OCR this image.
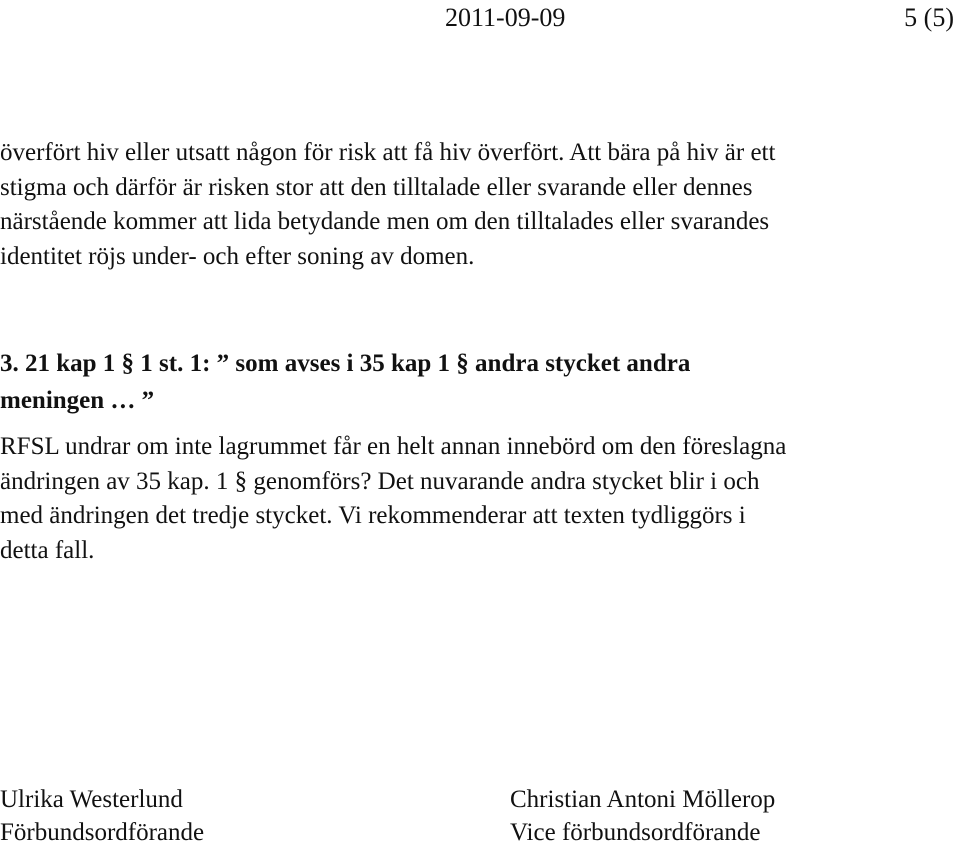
2011-09-09	5 (5)
överfört hiv eller utsatt någon för risk att få hiv överfört. Att bära på hiv är ett
stigma och därför är risken stor att den tilltalade eller svarande eller dennes
närstående kommer att lida betydande men om den tilltalades eller svarandes
identitet röjs under- och efter soning av domen.
3. 21 kap 1 § 1 st. 1: ” som avses i 35 kap 1 § andra stycket andra
meningen … ”
RFSL undrar om inte lagrummet får en helt annan innebörd om den föreslagna
ändringen av 35 kap. 1 § genomförs? Det nuvarande andra stycket blir i och
med ändringen det tredje stycket. Vi rekommenderar att texten tydliggörs i
detta fall.
Ulrika Westerlund
Förbundsordförande
Christian Antoni Möllerop
Vice förbundsordförande
